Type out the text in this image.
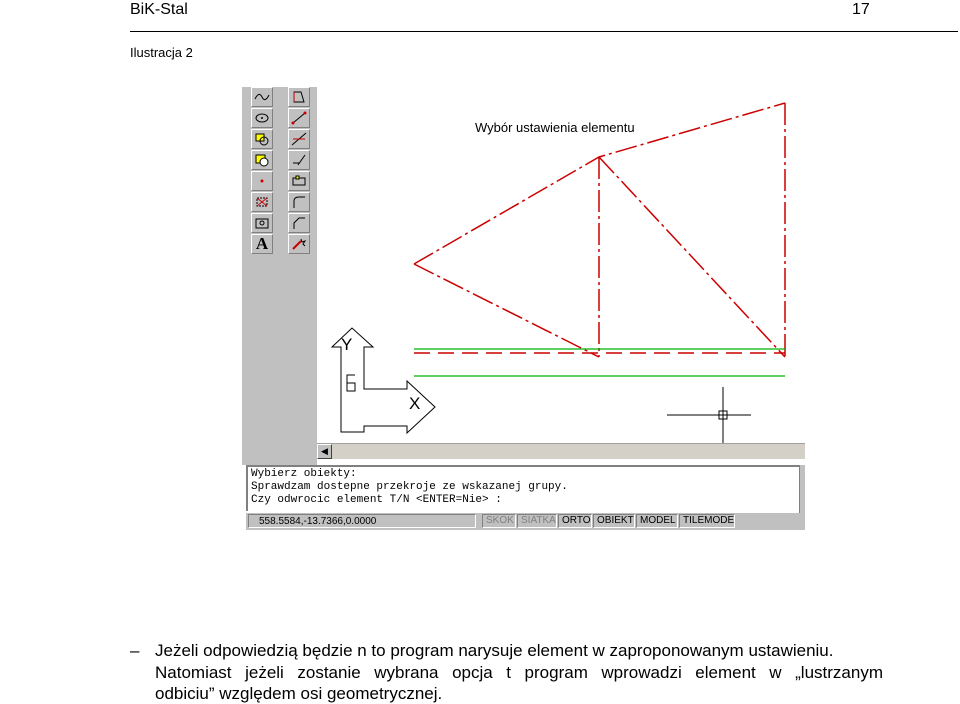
BiK-Stal	17
Ilustracja 2
A
Wybór ustawienia elementu
Y
X
◀
Wybierz obiekty:
Sprawdzam dostepne przekroje ze wskazanej grupy.
Czy odwrocic element T/N <ENTER=Nie> :
558.5584,-13.7366,0.0000	SKOK SIATKA ORTO OBIEKT MODEL TILEMODE
– Jeżeli odpowiedzią będzie n to program narysuje element w zaproponowanym ustawieniu.
Natomiast jeżeli zostanie wybrana opcja t program wprowadzi element w „lustrzanym
odbiciu” względem osi geometrycznej.
